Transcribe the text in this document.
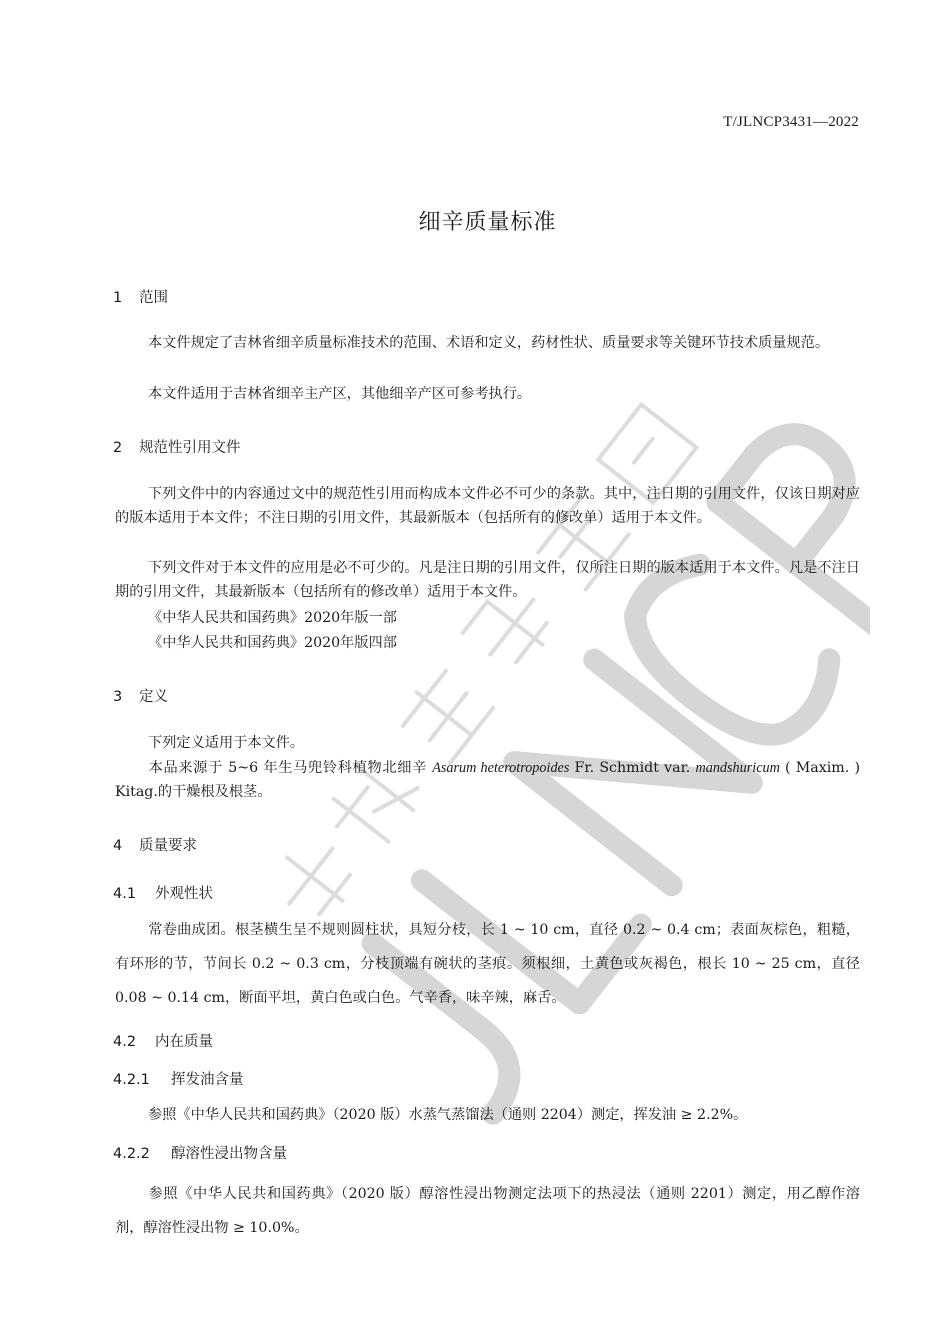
T/JLNCP3431—2022
细辛质量标准
1 范围
本文件规定了吉林省细辛质量标准技术的范围、术语和定义，药材性状、质量要求等关键环节技术质量规范。
本文件适用于吉林省细辛主产区，其他细辛产区可参考执行。
2 规范性引用文件
下列文件中的内容通过文中的规范性引用而构成本文件必不可少的条款。其中，注日期的引用文件，仅该日期对应的版本适用于本文件；不注日期的引用文件，其最新版本（包括所有的修改单）适用于本文件。
下列文件对于本文件的应用是必不可少的。凡是注日期的引用文件，仅所注日期的版本适用于本文件。凡是不注日期的引用文件，其最新版本（包括所有的修改单）适用于本文件。
《中华人民共和国药典》2020年版一部
《中华人民共和国药典》2020年版四部
3 定义
下列定义适用于本文件。
本品来源于 5~6 年生马兜铃科植物北细辛 Asarum heterotropoides Fr. Schmidt var. mandshuricum ( Maxim. ) Kitag.的干燥根及根茎。
4 质量要求
4.1 外观性状
常卷曲成团。根茎横生呈不规则圆柱状，具短分枝，长 1 ~ 10 cm，直径 0.2 ~ 0.4 cm；表面灰棕色，粗糙，有环形的节，节间长 0.2 ~ 0.3 cm，分枝顶端有碗状的茎痕。须根细，土黄色或灰褐色，根长 10 ~ 25 cm，直径 0.08 ~ 0.14 cm，断面平坦，黄白色或白色。气辛香，味辛辣，麻舌。
4.2 内在质量
4.2.1 挥发油含量
参照《中华人民共和国药典》（2020 版）水蒸气蒸馏法（通则 2204）测定，挥发油 ≥ 2.2%。
4.2.2 醇溶性浸出物含量
参照《中华人民共和国药典》（2020 版）醇溶性浸出物测定法项下的热浸法（通则 2201）测定，用乙醇作溶剂，醇溶性浸出物 ≥ 10.0%。
